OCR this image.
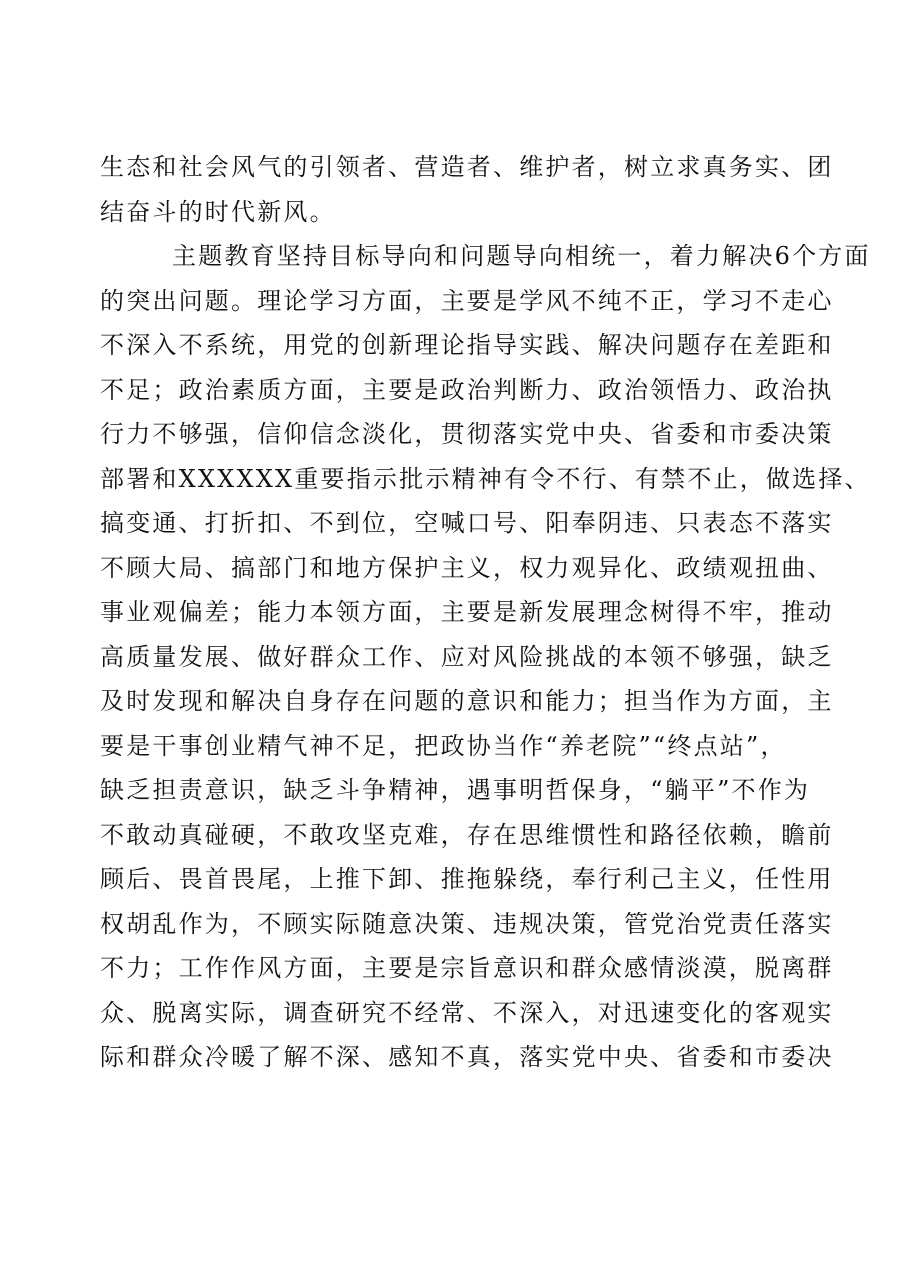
生态和社会风气的引领者、营造者、维护者，树立求真务实、团
结奋斗的时代新风。
主题教育坚持目标导向和问题导向相统一，着力解决6个方面
的突出问题。理论学习方面，主要是学风不纯不正，学习不走心
不深入不系统，用党的创新理论指导实践、解决问题存在差距和
不足；政治素质方面，主要是政治判断力、政治领悟力、政治执
行力不够强，信仰信念淡化，贯彻落实党中央、省委和市委决策
部署和XXXXXX重要指示批示精神有令不行、有禁不止，做选择、
搞变通、打折扣、不到位，空喊口号、阳奉阴违、只表态不落实
不顾大局、搞部门和地方保护主义，权力观异化、政绩观扭曲、
事业观偏差；能力本领方面，主要是新发展理念树得不牢，推动
高质量发展、做好群众工作、应对风险挑战的本领不够强，缺乏
及时发现和解决自身存在问题的意识和能力；担当作为方面，主
要是干事创业精气神不足，把政协当作“养老院”“终点站”，
缺乏担责意识，缺乏斗争精神，遇事明哲保身，“躺平”不作为
不敢动真碰硬，不敢攻坚克难，存在思维惯性和路径依赖，瞻前
顾后、畏首畏尾，上推下卸、推拖躲绕，奉行利己主义，任性用
权胡乱作为，不顾实际随意决策、违规决策，管党治党责任落实
不力；工作作风方面，主要是宗旨意识和群众感情淡漠，脱离群
众、脱离实际，调查研究不经常、不深入，对迅速变化的客观实
际和群众冷暖了解不深、感知不真，落实党中央、省委和市委决
